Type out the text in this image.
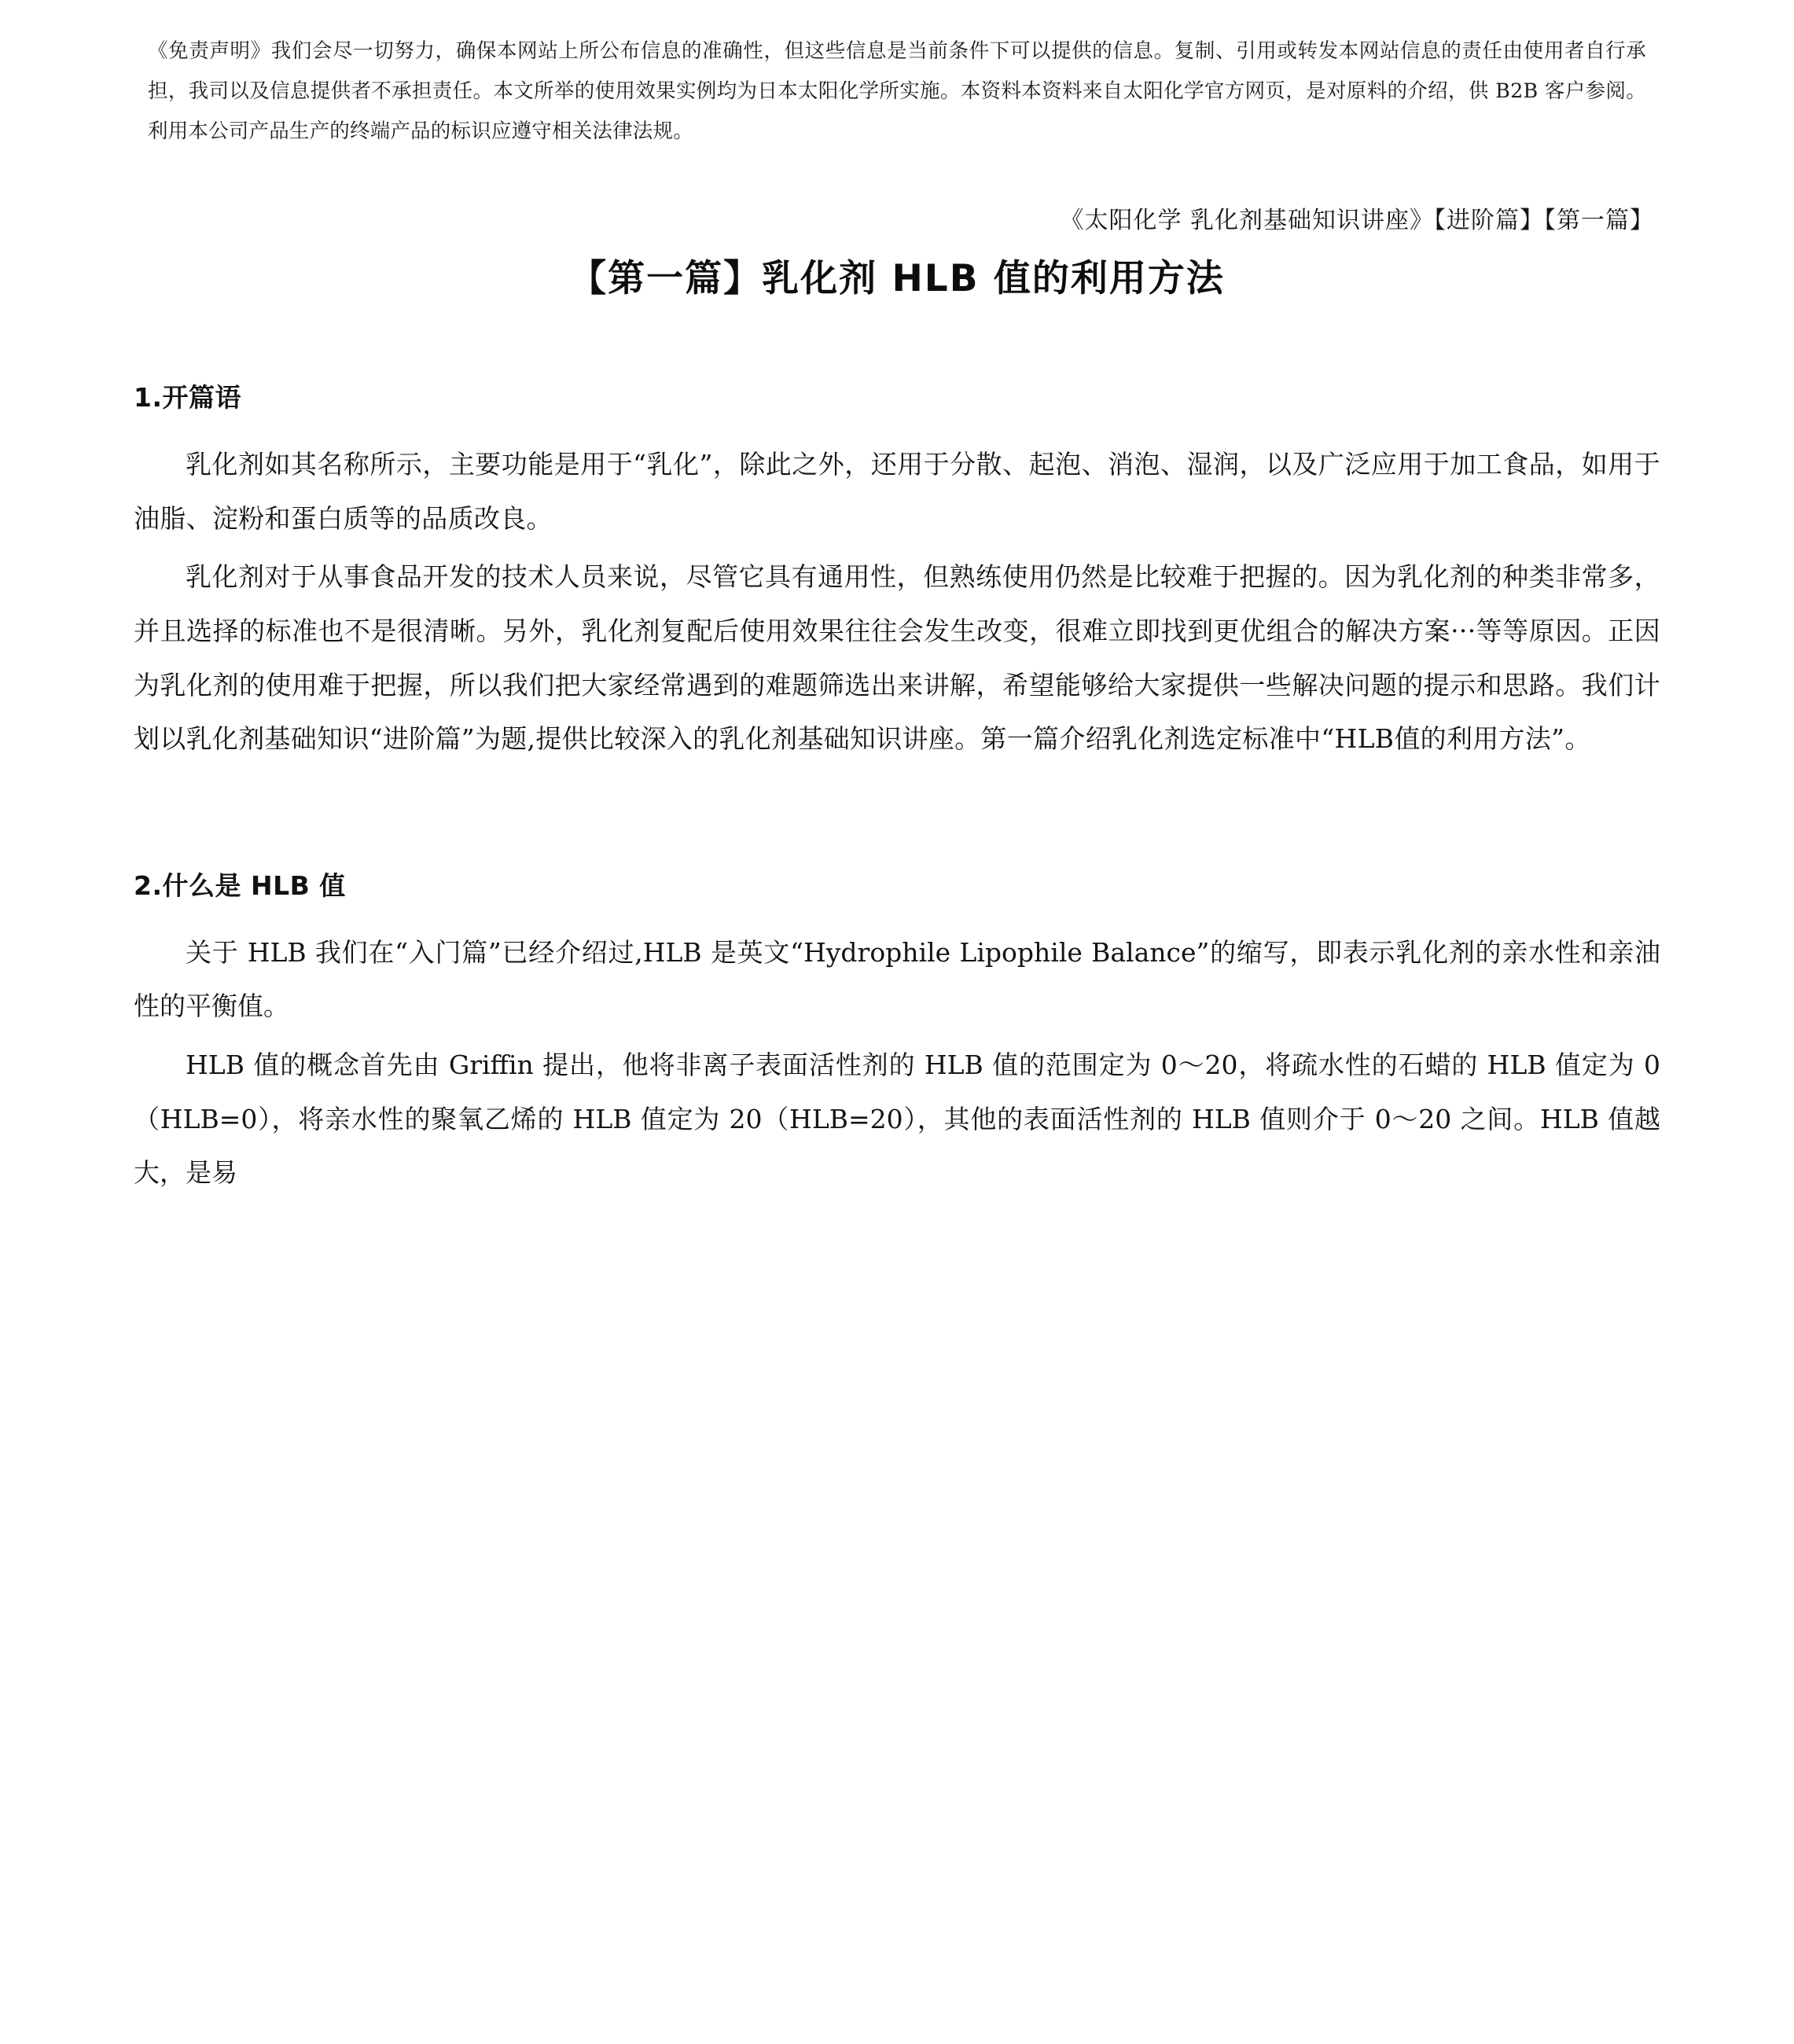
《免责声明》我们会尽一切努力，确保本网站上所公布信息的准确性，但这些信息是当前条件下可以提供的信息。复制、引用或转发本网站信息的责任由使用者自行承担，我司以及信息提供者不承担责任。本文所举的使用效果实例均为日本太阳化学所实施。本资料本资料来自太阳化学官方网页，是对原料的介绍，供 B2B 客户参阅。利用本公司产品生产的终端产品的标识应遵守相关法律法规。
《太阳化学 乳化剂基础知识讲座》【进阶篇】【第一篇】
【第一篇】乳化剂 HLB 值的利用方法
1.开篇语

乳化剂如其名称所示，主要功能是用于“乳化”，除此之外，还用于分散、起泡、消泡、湿润，以及广泛应用于加工食品，如用于油脂、淀粉和蛋白质等的品质改良。

乳化剂对于从事食品开发的技术人员来说，尽管它具有通用性，但熟练使用仍然是比较难于把握的。因为乳化剂的种类非常多，并且选择的标准也不是很清晰。另外，乳化剂复配后使用效果往往会发生改变，很难立即找到更优组合的解决方案···等等原因。正因为乳化剂的使用难于把握，所以我们把大家经常遇到的难题筛选出来讲解，希望能够给大家提供一些解决问题的提示和思路。我们计划以乳化剂基础知识“进阶篇”为题,提供比较深入的乳化剂基础知识讲座。第一篇介绍乳化剂选定标准中“HLB值的利用方法”。

2.什么是 HLB 值

关于 HLB 我们在“入门篇”已经介绍过,HLB 是英文“Hydrophile Lipophile Balance”的缩写，即表示乳化剂的亲水性和亲油性的平衡值。

HLB 值的概念首先由 Griffin 提出，他将非离子表面活性剂的 HLB 值的范围定为 0～20，将疏水性的石蜡的 HLB 值定为 0（HLB=0），将亲水性的聚氧乙烯的 HLB 值定为 20（HLB=20），其他的表面活性剂的 HLB 值则介于 0～20 之间。HLB 值越大，是易
